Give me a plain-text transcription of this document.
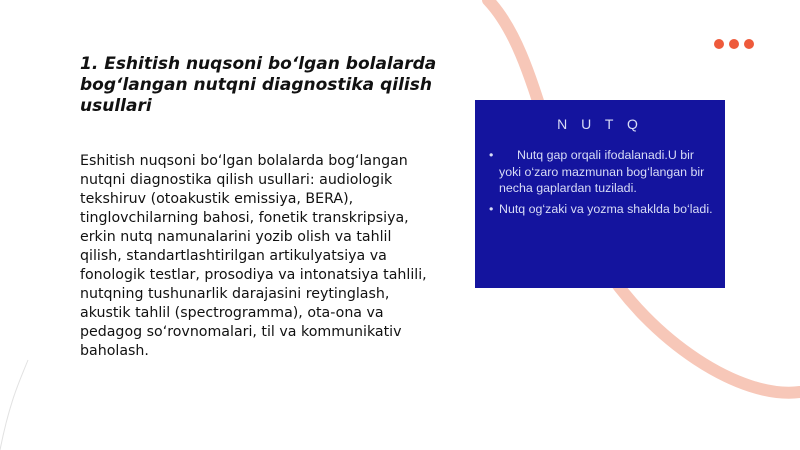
1. Eshitish nuqsoni bo‘lgan bolalarda bog‘langan nutqni diagnostika qilish usullari
Eshitish nuqsoni bo‘lgan bolalarda bog‘langan nutqni diagnostika qilish usullari: audiologik tekshiruv (otoakustik emissiya, BERA), tinglovchilarning bahosi, fonetik transkripsiya, erkin nutq namunalarini yozib olish va tahlil qilish, standartlashtirilgan artikulyatsiya va fonologik testlar, prosodiya va intonatsiya tahlili, nutqning tushunarlik darajasini reytinglash, akustik tahlil (spectrogramma), ota-ona va pedagog so‘rovnomalari, til va kommunikativ baholash.
N U T Q
• Nutq gap orqali ifodalanadi.U bir yoki o‘zaro mazmunan bog‘langan bir necha gaplardan tuziladi.
• Nutq og‘zaki va yozma shaklda bo‘ladi.
